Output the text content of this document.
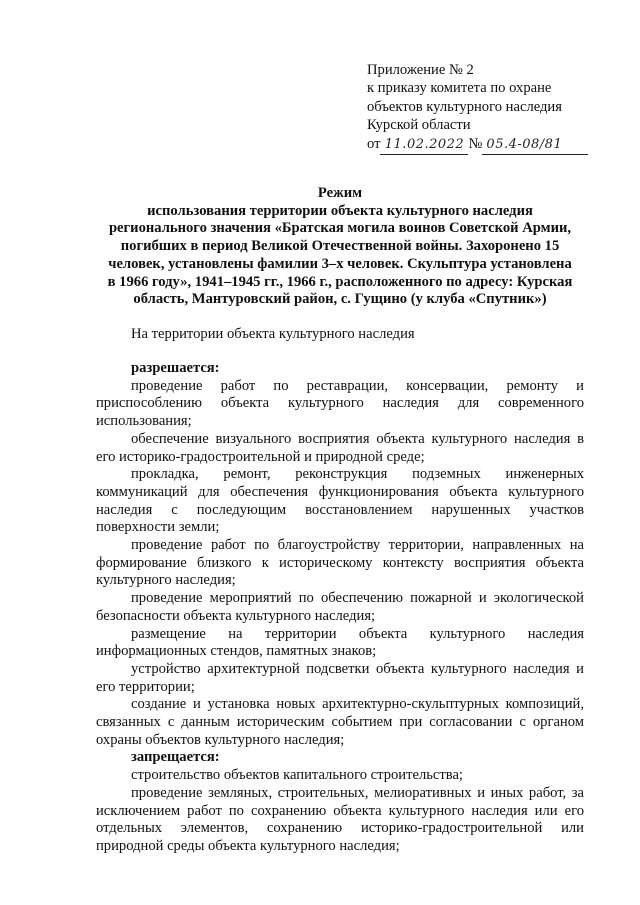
Приложение № 2
к приказу комитета по охране
объектов культурного наследия
Курской области
от 11.02.2022 № 05.4-08/81
Режим
использования территории объекта культурного наследия
регионального значения «Братская могила воинов Советской Армии,
погибших в период Великой Отечественной войны. Захоронено 15
человек, установлены фамилии 3–х человек. Скульптура установлена
в 1966 году», 1941–1945 гг., 1966 г., расположенного по адресу: Курская
область, Мантуровский район, с. Гущино (у клуба «Спутник»)
На территории объекта культурного наследия
разрешается:

проведение работ по реставрации, консервации, ремонту и приспособлению объекта культурного наследия для современного использования;

обеспечение визуального восприятия объекта культурного наследия в его историко-градостроительной и природной среде;

прокладка, ремонт, реконструкция подземных инженерных коммуникаций для обеспечения функционирования объекта культурного наследия с последующим восстановлением нарушенных участков поверхности земли;

проведение работ по благоустройству территории, направленных на формирование близкого к историческому контексту восприятия объекта культурного наследия;

проведение мероприятий по обеспечению пожарной и экологической безопасности объекта культурного наследия;

размещение на территории объекта культурного наследия информационных стендов, памятных знаков;

устройство архитектурной подсветки объекта культурного наследия и его территории;

создание и установка новых архитектурно-скульптурных композиций, связанных с данным историческим событием при согласовании с органом охраны объектов культурного наследия;

запрещается:

строительство объектов капитального строительства;

проведение земляных, строительных, мелиоративных и иных работ, за исключением работ по сохранению объекта культурного наследия или его отдельных элементов, сохранению историко-градостроительной или природной среды объекта культурного наследия;
